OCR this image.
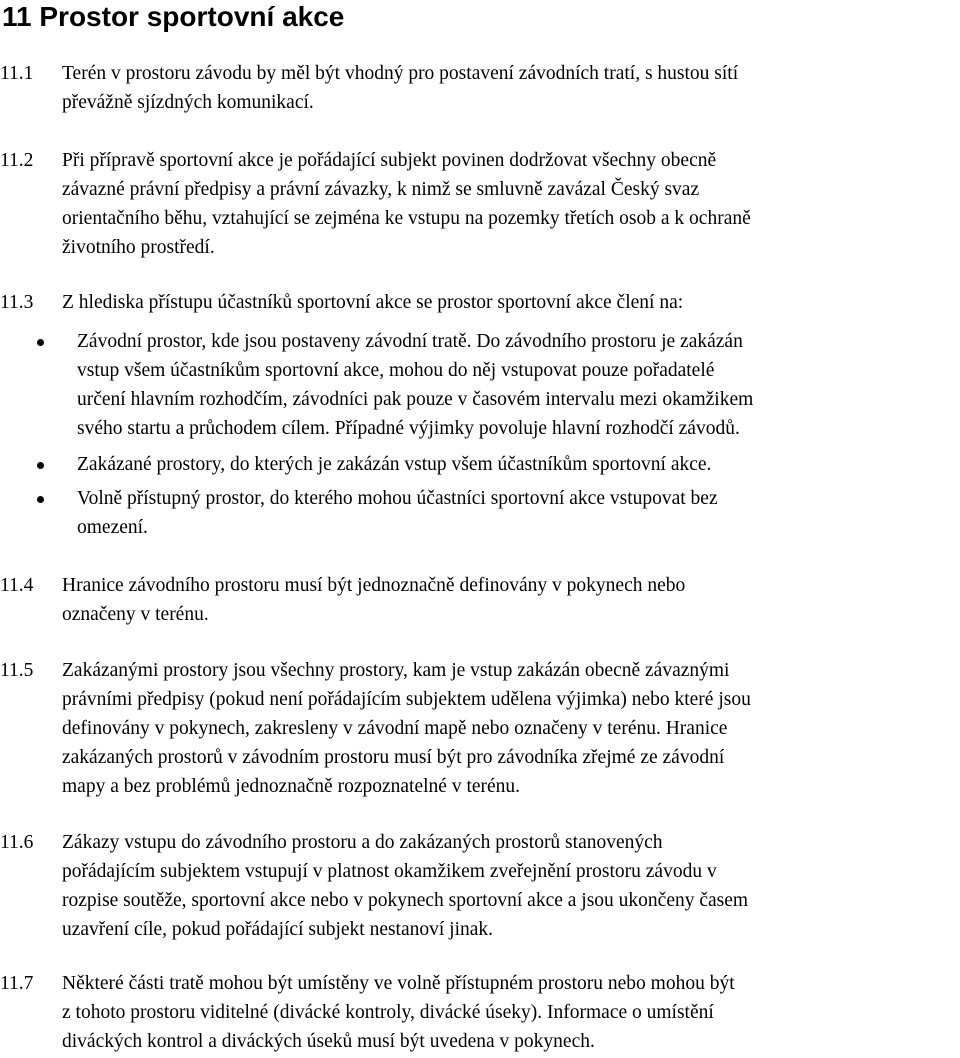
11 Prostor sportovní akce
11.1	Terén v prostoru závodu by měl být vhodný pro postavení závodních tratí, s hustou sítí
převážně sjízdných komunikací.
11.2	Při přípravě sportovní akce je pořádající subjekt povinen dodržovat všechny obecně
závazné právní předpisy a právní závazky, k nimž se smluvně zavázal Český svaz
orientačního běhu, vztahující se zejména ke vstupu na pozemky třetích osob a k ochraně
životního prostředí.
11.3	Z hlediska přístupu účastníků sportovní akce se prostor sportovní akce člení na:
Závodní prostor, kde jsou postaveny závodní tratě. Do závodního prostoru je zakázán
vstup všem účastníkům sportovní akce, mohou do něj vstupovat pouze pořadatelé
určení hlavním rozhodčím, závodníci pak pouze v časovém intervalu mezi okamžikem
svého startu a průchodem cílem. Případné výjimky povoluje hlavní rozhodčí závodů.
Zakázané prostory, do kterých je zakázán vstup všem účastníkům sportovní akce.
Volně přístupný prostor, do kterého mohou účastníci sportovní akce vstupovat bez
omezení.
11.4	Hranice závodního prostoru musí být jednoznačně definovány v pokynech nebo
označeny v terénu.
11.5	Zakázanými prostory jsou všechny prostory, kam je vstup zakázán obecně závaznými
právními předpisy (pokud není pořádajícím subjektem udělena výjimka) nebo které jsou
definovány v pokynech, zakresleny v závodní mapě nebo označeny v terénu. Hranice
zakázaných prostorů v závodním prostoru musí být pro závodníka zřejmé ze závodní
mapy a bez problémů jednoznačně rozpoznatelné v terénu.
11.6	Zákazy vstupu do závodního prostoru a do zakázaných prostorů stanovených
pořádajícím subjektem vstupují v platnost okamžikem zveřejnění prostoru závodu v
rozpise soutěže, sportovní akce nebo v pokynech sportovní akce a jsou ukončeny časem
uzavření cíle, pokud pořádající subjekt nestanoví jinak.
11.7	Některé části tratě mohou být umístěny ve volně přístupném prostoru nebo mohou být
z tohoto prostoru viditelné (divácké kontroly, divácké úseky). Informace o umístění
diváckých kontrol a diváckých úseků musí být uvedena v pokynech.
